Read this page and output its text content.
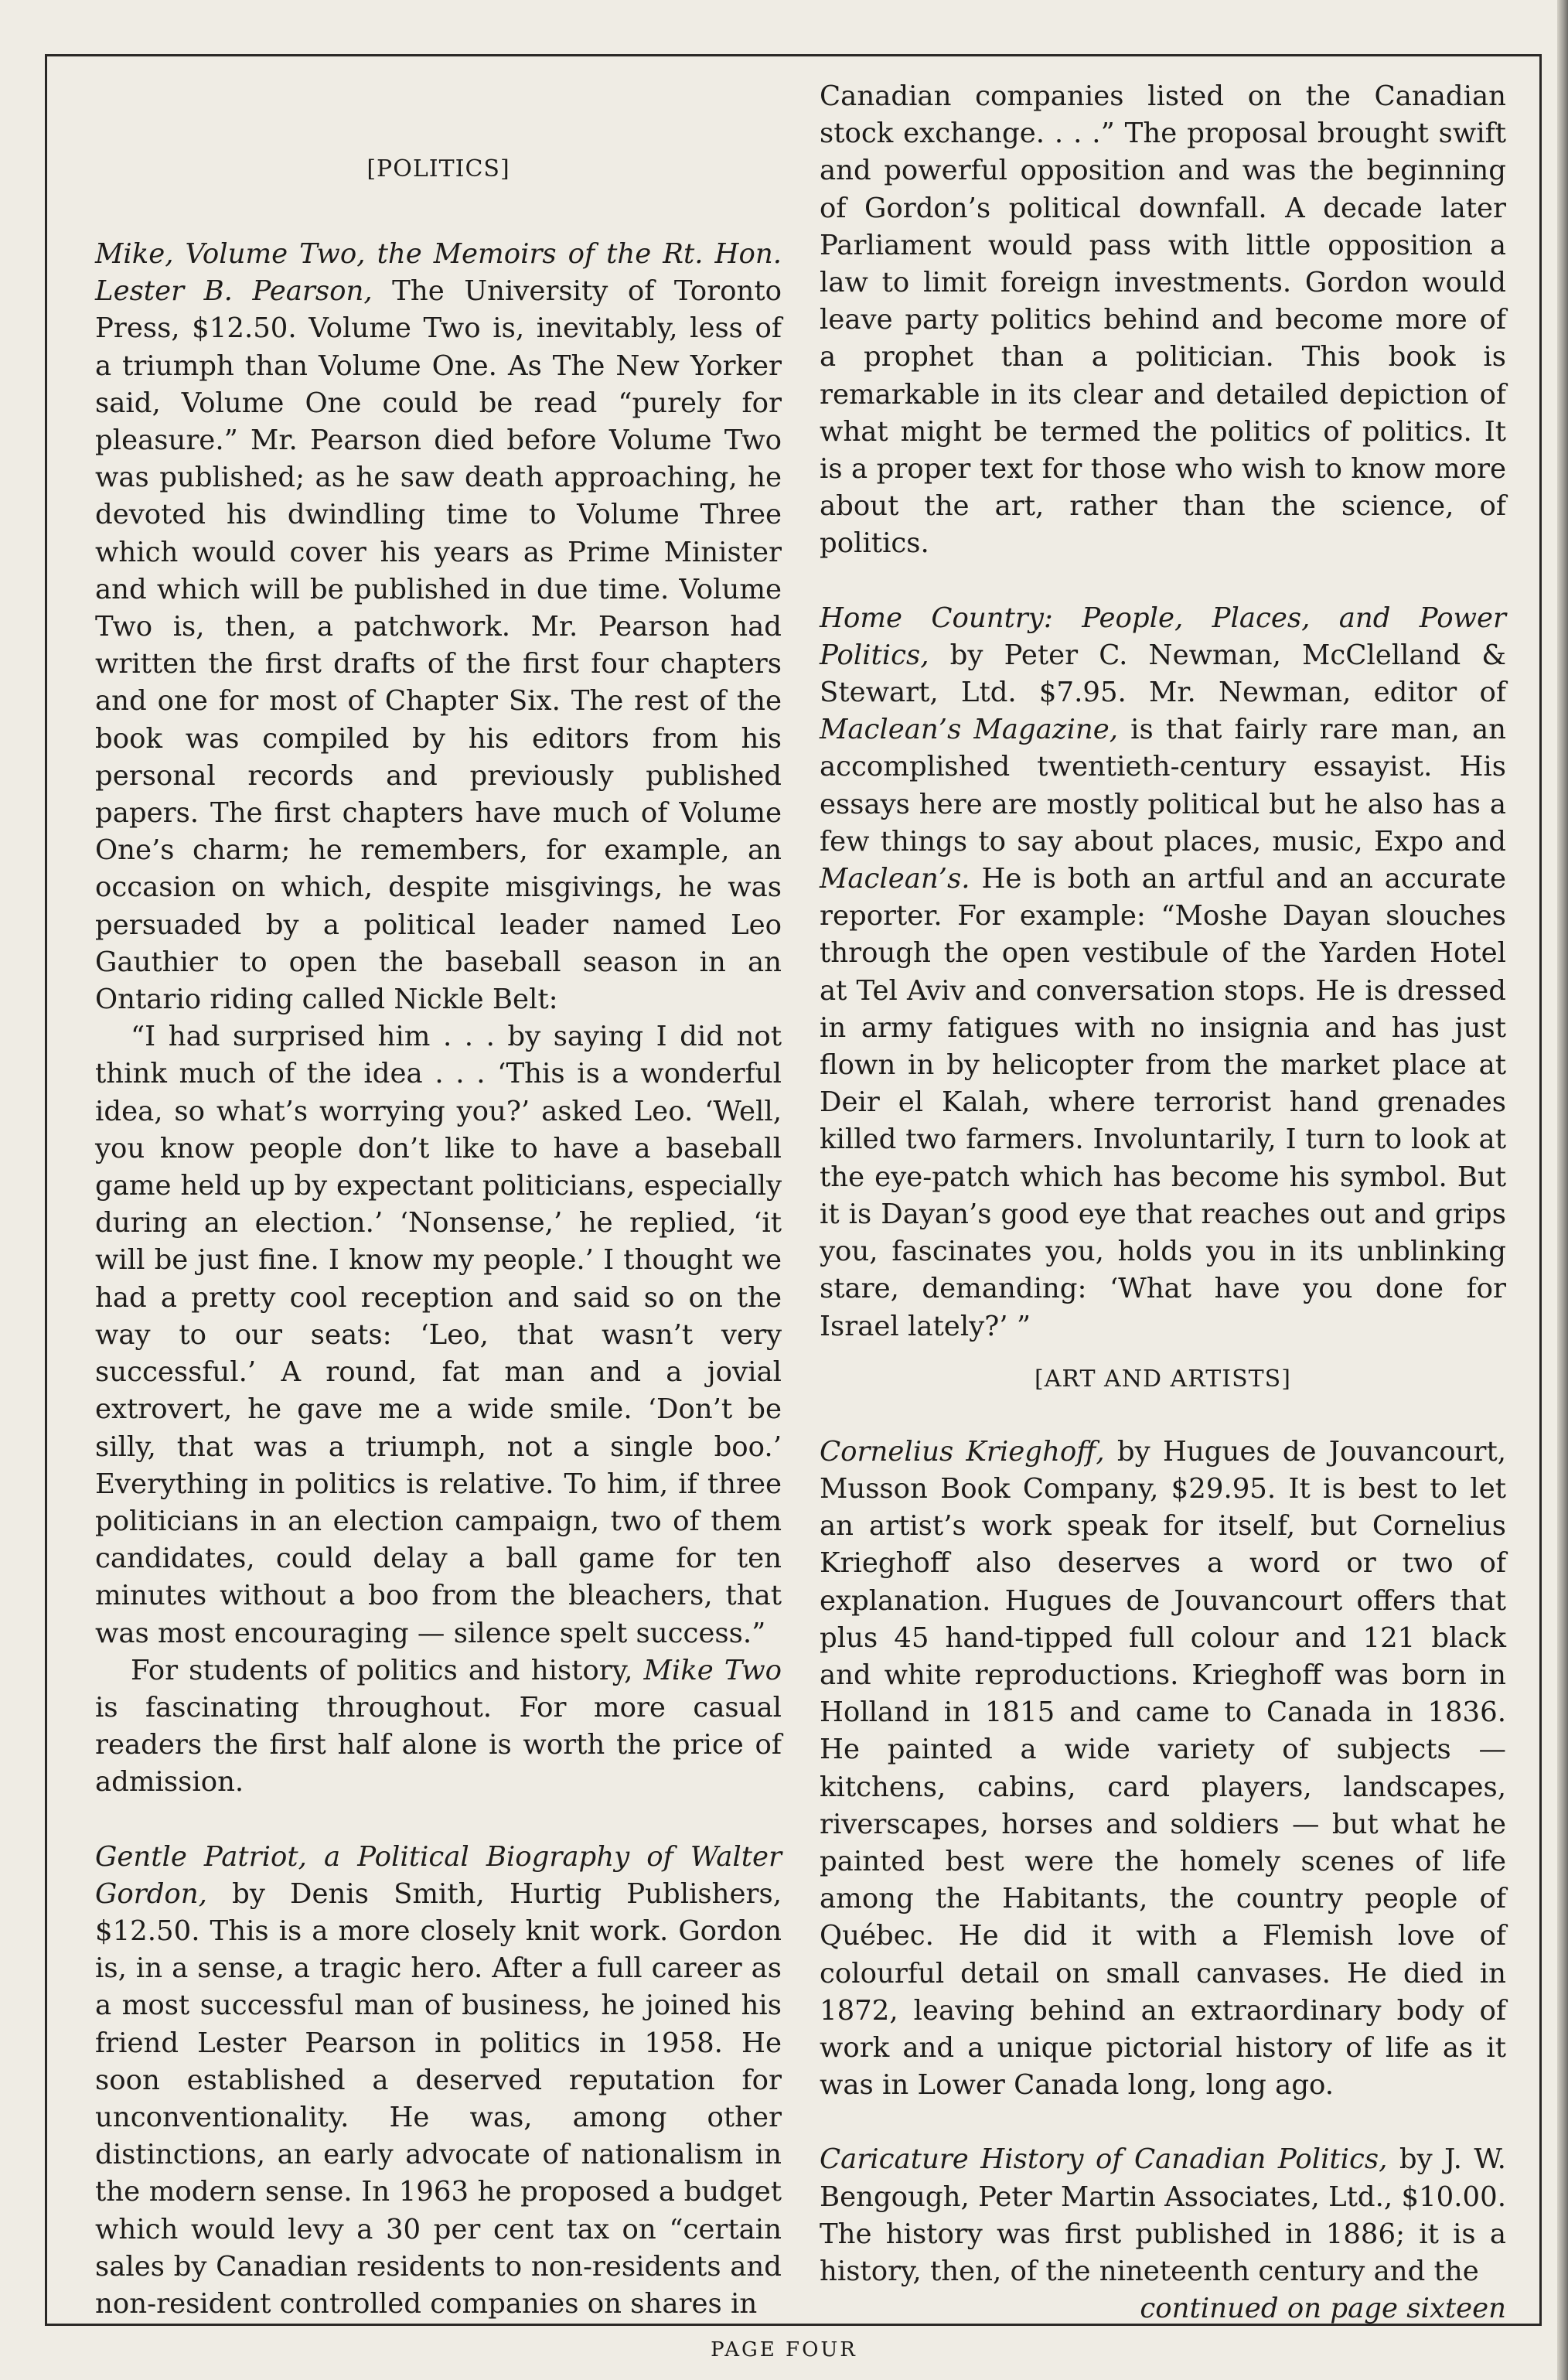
[POLITICS]

Mike, Volume Two, the Memoirs of the Rt. Hon. Lester B. Pearson, The University of Toronto Press, $12.50. Volume Two is, inevitably, less of a triumph than Volume One. As The New Yorker said, Volume One could be read “purely for pleasure.” Mr. Pearson died before Volume Two was published; as he saw death approaching, he devoted his dwindling time to Volume Three which would cover his years as Prime Minister and which will be published in due time. Volume Two is, then, a patchwork. Mr. Pearson had written the first drafts of the first four chapters and one for most of Chapter Six. The rest of the book was compiled by his editors from his personal records and previously published papers. The first chapters have much of Volume One’s charm; he remembers, for example, an occasion on which, despite misgivings, he was persuaded by a political leader named Leo Gauthier to open the baseball season in an Ontario riding called Nickle Belt:

“I had surprised him . . . by saying I did not think much of the idea . . . ‘This is a wonderful idea, so what’s worrying you?’ asked Leo. ‘Well, you know people don’t like to have a baseball game held up by expectant politicians, especially during an election.’ ‘Nonsense,’ he replied, ‘it will be just fine. I know my people.’ I thought we had a pretty cool reception and said so on the way to our seats: ‘Leo, that wasn’t very successful.’ A round, fat man and a jovial extrovert, he gave me a wide smile. ‘Don’t be silly, that was a triumph, not a single boo.’ Everything in politics is relative. To him, if three politicians in an election campaign, two of them candidates, could delay a ball game for ten minutes without a boo from the bleachers, that was most encouraging — silence spelt success.”

For students of politics and history, Mike Two is fascinating throughout. For more casual readers the first half alone is worth the price of admission.

Gentle Patriot, a Political Biography of Walter Gordon, by Denis Smith, Hurtig Publishers, $12.50. This is a more closely knit work. Gordon is, in a sense, a tragic hero. After a full career as a most successful man of business, he joined his friend Lester Pearson in politics in 1958. He soon established a deserved reputation for unconventionality. He was, among other distinctions, an early advocate of nationalism in the modern sense. In 1963 he proposed a budget which would levy a 30 per cent tax on “certain sales by Canadian residents to non-residents and non-resident controlled companies on shares in

Canadian companies listed on the Canadian stock exchange. . . .” The proposal brought swift and powerful opposition and was the beginning of Gordon’s political downfall. A decade later Parliament would pass with little opposition a law to limit foreign investments. Gordon would leave party politics behind and become more of a prophet than a politician. This book is remarkable in its clear and detailed depiction of what might be termed the politics of politics. It is a proper text for those who wish to know more about the art, rather than the science, of politics.

Home Country: People, Places, and Power Politics, by Peter C. Newman, McClelland & Stewart, Ltd. $7.95. Mr. Newman, editor of Maclean’s Magazine, is that fairly rare man, an accomplished twentieth-century essayist. His essays here are mostly political but he also has a few things to say about places, music, Expo and Maclean’s. He is both an artful and an accurate reporter. For example: “Moshe Dayan slouches through the open vestibule of the Yarden Hotel at Tel Aviv and conversation stops. He is dressed in army fatigues with no insignia and has just flown in by helicopter from the market place at Deir el Kalah, where terrorist hand grenades killed two farmers. Involuntarily, I turn to look at the eye-patch which has become his symbol. But it is Dayan’s good eye that reaches out and grips you, fascinates you, holds you in its unblinking stare, demanding: ‘What have you done for Israel lately?’ ”

[ART AND ARTISTS]

Cornelius Krieghoff, by Hugues de Jouvancourt, Musson Book Company, $29.95. It is best to let an artist’s work speak for itself, but Cornelius Krieghoff also deserves a word or two of explanation. Hugues de Jouvancourt offers that plus 45 hand-tipped full colour and 121 black and white reproductions. Krieghoff was born in Holland in 1815 and came to Canada in 1836. He painted a wide variety of subjects — kitchens, cabins, card players, landscapes, riverscapes, horses and soldiers — but what he painted best were the homely scenes of life among the Habitants, the country people of Québec. He did it with a Flemish love of colourful detail on small canvases. He died in 1872, leaving behind an extraordinary body of work and a unique pictorial history of life as it was in Lower Canada long, long ago.

Caricature History of Canadian Politics, by J. W. Bengough, Peter Martin Associates, Ltd., $10.00. The history was first published in 1886; it is a history, then, of the nineteenth century and the

continued on page sixteen

PAGE FOUR
